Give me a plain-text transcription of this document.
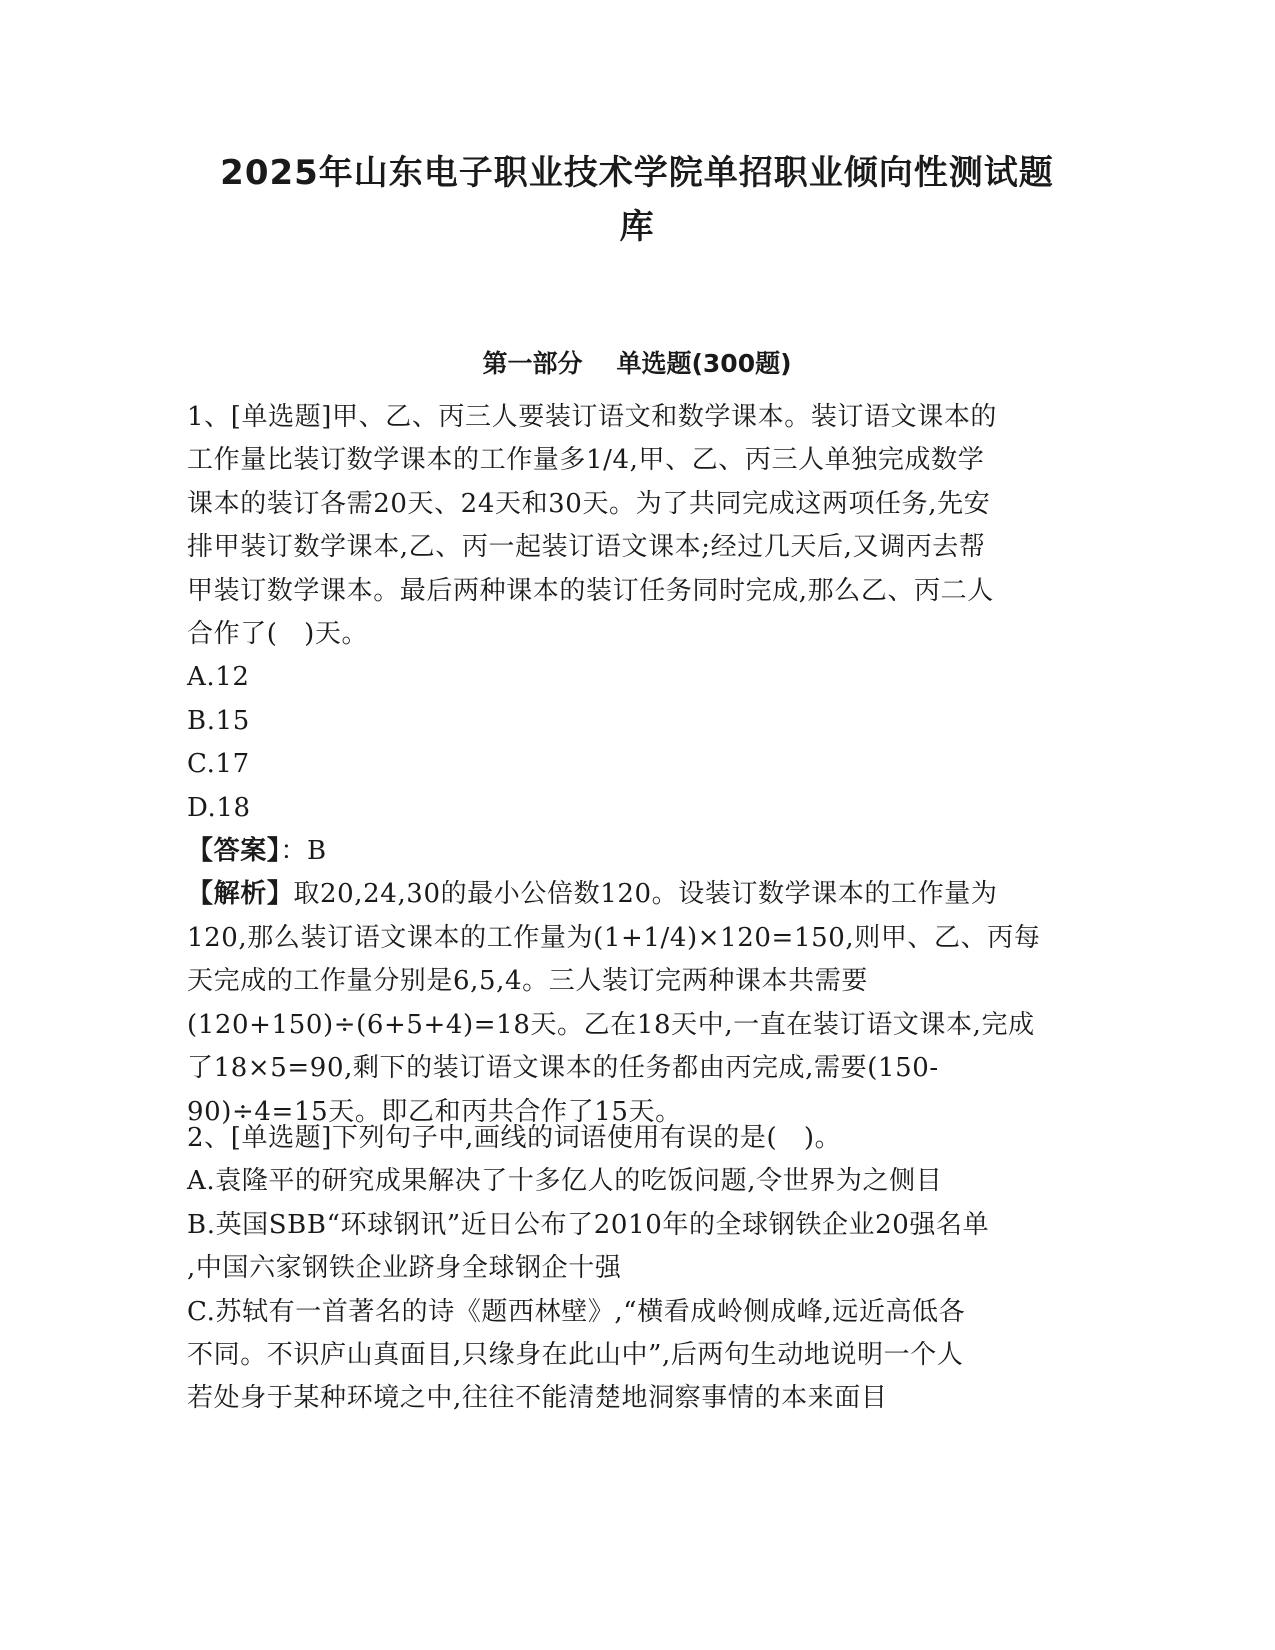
2025年山东电子职业技术学院单招职业倾向性测试题
库
第一部分 单选题(300题)
1、[单选题]甲、乙、丙三人要装订语文和数学课本。装订语文课本的
工作量比装订数学课本的工作量多1/4,甲、乙、丙三人单独完成数学
课本的装订各需20天、24天和30天。为了共同完成这两项任务,先安
排甲装订数学课本,乙、丙一起装订语文课本;经过几天后,又调丙去帮
甲装订数学课本。最后两种课本的装订任务同时完成,那么乙、丙二人
合作了(　)天。
A.12
B.15
C.17
D.18
【答案】：B
【解析】取20,24,30的最小公倍数120。设装订数学课本的工作量为
120,那么装订语文课本的工作量为(1+1/4)×120=150,则甲、乙、丙每
天完成的工作量分别是6,5,4。三人装订完两种课本共需要
(120+150)÷(6+5+4)=18天。乙在18天中,一直在装订语文课本,完成
了18×5=90,剩下的装订语文课本的任务都由丙完成,需要(150-
90)÷4=15天。即乙和丙共合作了15天。
2、[单选题]下列句子中,画线的词语使用有误的是(　)。
A.袁隆平的研究成果解决了十多亿人的吃饭问题,令世界为之侧目
B.英国SBB“环球钢讯”近日公布了2010年的全球钢铁企业20强名单
,中国六家钢铁企业跻身全球钢企十强
C.苏轼有一首著名的诗《题西林壁》,“横看成岭侧成峰,远近高低各
不同。不识庐山真面目,只缘身在此山中”,后两句生动地说明一个人
若处身于某种环境之中,往往不能清楚地洞察事情的本来面目
